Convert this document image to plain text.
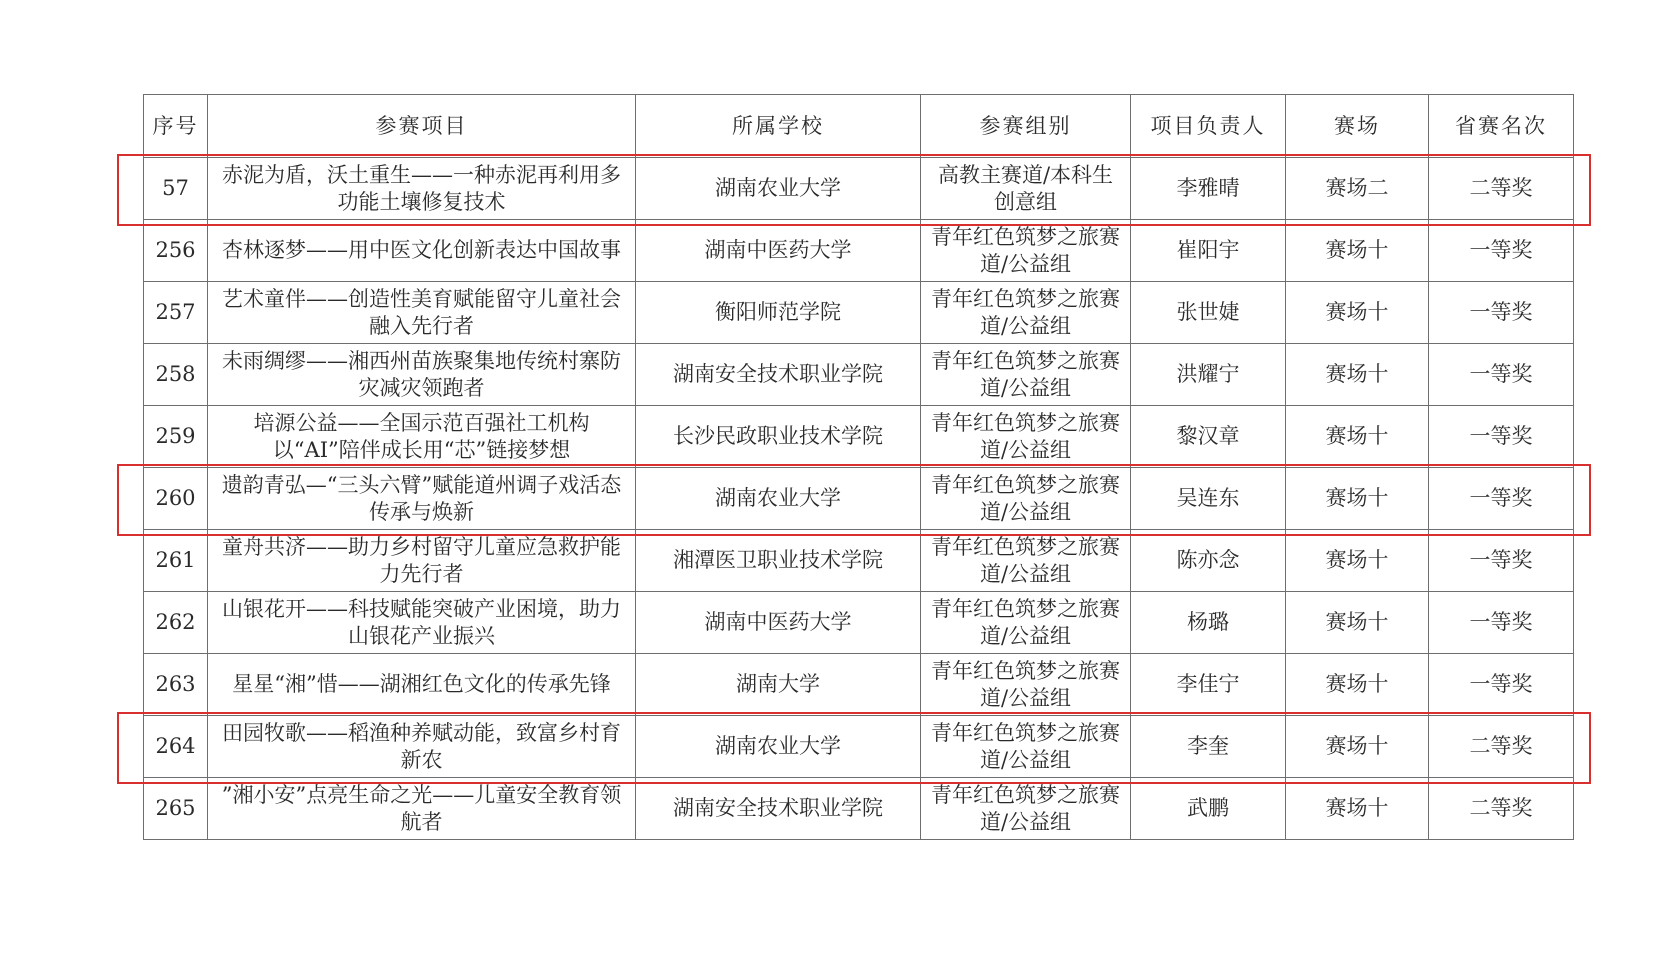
序号	参赛项目	所属学校	参赛组别	项目负责人	赛场	省赛名次
57	赤泥为盾，沃土重生——一种赤泥再利用多功能土壤修复技术	湖南农业大学	高教主赛道/本科生 创意组	李雅晴	赛场二	二等奖
256	杏林逐梦——用中医文化创新表达中国故事	湖南中医药大学	青年红色筑梦之旅赛道/公益组	崔阳宇	赛场十	一等奖
257	艺术童伴——创造性美育赋能留守儿童社会融入先行者	衡阳师范学院	青年红色筑梦之旅赛道/公益组	张世婕	赛场十	一等奖
258	未雨绸缪——湘西州苗族聚集地传统村寨防灾减灾领跑者	湖南安全技术职业学院	青年红色筑梦之旅赛道/公益组	洪耀宁	赛场十	一等奖
259	培源公益——全国示范百强社工机构以“AI”陪伴成长用“芯”链接梦想	长沙民政职业技术学院	青年红色筑梦之旅赛道/公益组	黎汉章	赛场十	一等奖
260	遗韵青弘—“三头六臂”赋能道州调子戏活态传承与焕新	湖南农业大学	青年红色筑梦之旅赛道/公益组	吴连东	赛场十	一等奖
261	童舟共济——助力乡村留守儿童应急救护能力先行者	湘潭医卫职业技术学院	青年红色筑梦之旅赛道/公益组	陈亦念	赛场十	一等奖
262	山银花开——科技赋能突破产业困境，助力山银花产业振兴	湖南中医药大学	青年红色筑梦之旅赛道/公益组	杨璐	赛场十	一等奖
263	星星“湘”惜——湖湘红色文化的传承先锋	湖南大学	青年红色筑梦之旅赛道/公益组	李佳宁	赛场十	一等奖
264	田园牧歌——稻渔种养赋动能，致富乡村育新农	湖南农业大学	青年红色筑梦之旅赛道/公益组	李奎	赛场十	二等奖
265	”湘小安”点亮生命之光——儿童安全教育领航者	湖南安全技术职业学院	青年红色筑梦之旅赛道/公益组	武鹏	赛场十	二等奖
